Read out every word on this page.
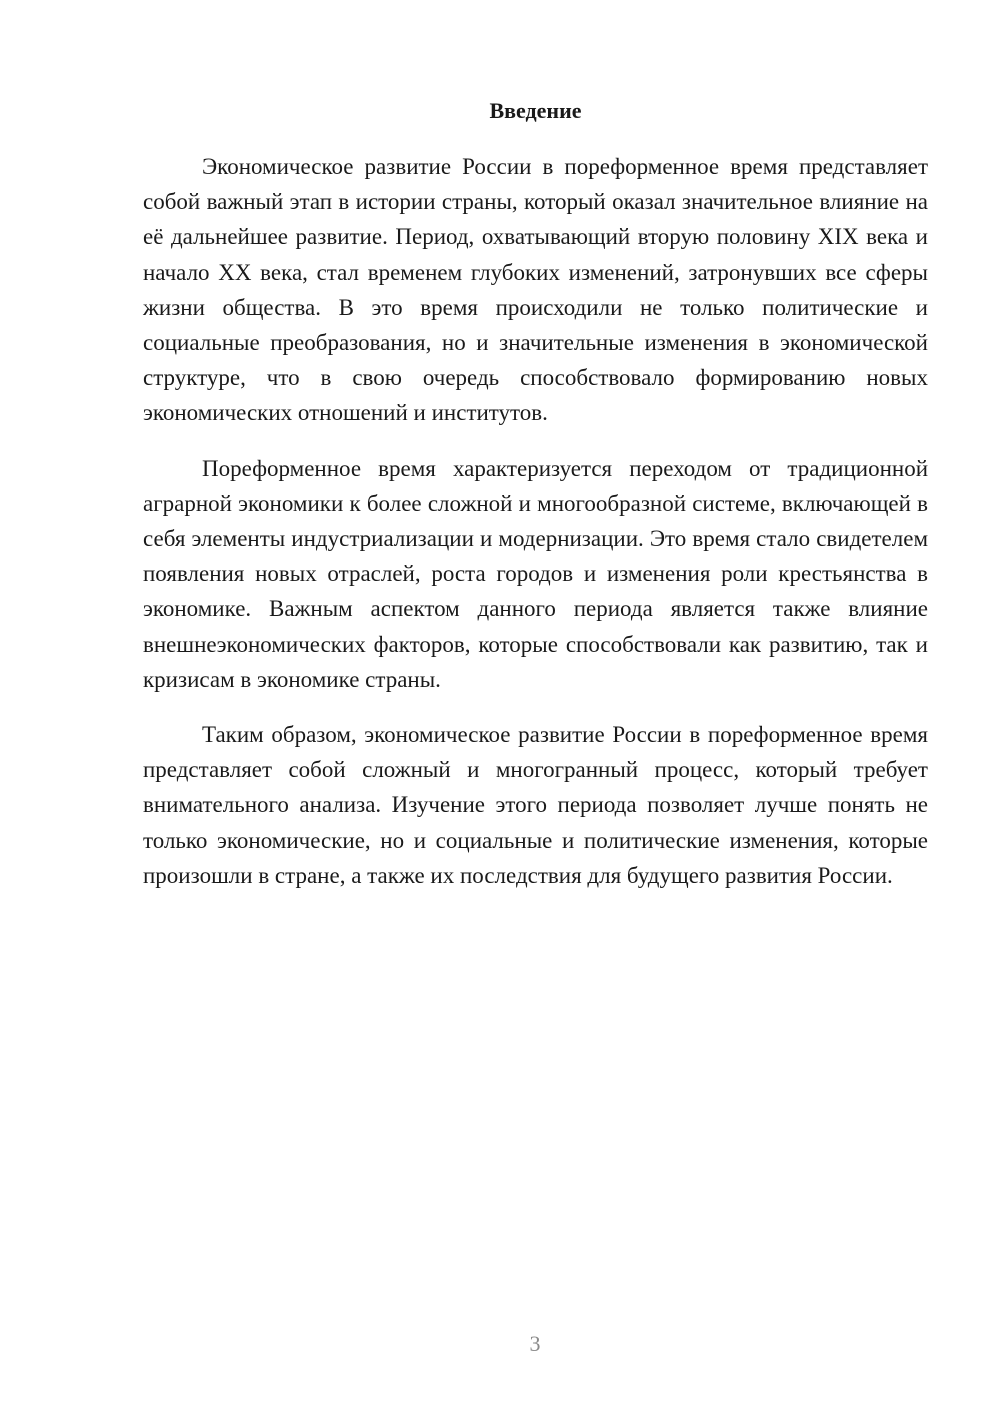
Введение

Экономическое развитие России в пореформенное время представляет собой важный этап в истории страны, который оказал значительное влияние на её дальнейшее развитие. Период, охватывающий вторую половину XIX века и начало XX века, стал временем глубоких изменений, затронувших все сферы жизни общества. В это время происходили не только политические и социальные преобразования, но и значительные изменения в экономической структуре, что в свою очередь способствовало формированию новых экономических отношений и институтов.

Пореформенное время характеризуется переходом от традиционной аграрной экономики к более сложной и многообразной системе, включающей в себя элементы индустриализации и модернизации. Это время стало свидетелем появления новых отраслей, роста городов и изменения роли крестьянства в экономике. Важным аспектом данного периода является также влияние внешнеэкономических факторов, которые способствовали как развитию, так и кризисам в экономике страны.

Таким образом, экономическое развитие России в пореформенное время представляет собой сложный и многогранный процесс, который требует внимательного анализа. Изучение этого периода позволяет лучше понять не только экономические, но и социальные и политические изменения, которые произошли в стране, а также их последствия для будущего развития России.

3
